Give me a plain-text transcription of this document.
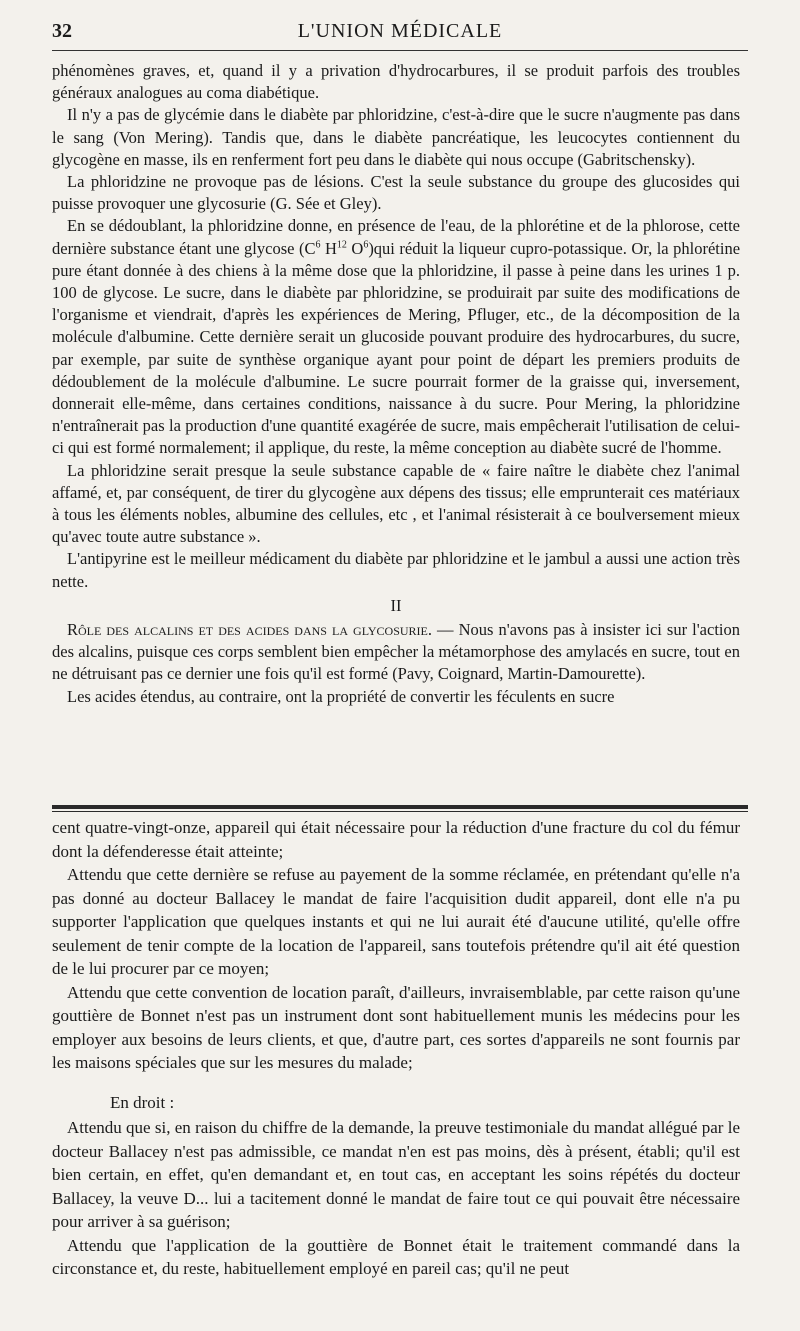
32	L'UNION MÉDICALE

phénomènes graves, et, quand il y a privation d'hydrocarbures, il se produit parfois des troubles généraux analogues au coma diabétique.

Il n'y a pas de glycémie dans le diabète par phloridzine, c'est-à-dire que le sucre n'augmente pas dans le sang (Von Mering). Tandis que, dans le diabète pancréatique, les leucocytes contiennent du glycogène en masse, ils en renferment fort peu dans le diabète qui nous occupe (Gabritschensky).

La phloridzine ne provoque pas de lésions. C'est la seule substance du groupe des glucosides qui puisse provoquer une glycosurie (G. Sée et Gley).

En se dédoublant, la phloridzine donne, en présence de l'eau, de la phlorétine et de la phlorose, cette dernière substance étant une glycose ($C^6$ $H^{12}$ $O^6)qui$ réduit la liqueur cupro-potassique. Or, la phlorétine pure étant donnée à des chiens à la même dose que la phloridzine, il passe à peine dans les urines 1 p. 100 de glycose. Le sucre, dans le diabète par phloridzine, se produirait par suite des modifications de l'organisme et viendrait, d'après les expériences de Mering, Pfluger, etc., de la décomposition de la molécule d'albumine. Cette dernière serait un glucoside pouvant produire des hydrocarbures, du sucre, par exemple, par suite de synthèse organique ayant pour point de départ les premiers produits de dédoublement de la molécule d'albumine. Le sucre pourrait former de la graisse qui, inversement, donnerait elle-même, dans certaines conditions, naissance à du sucre. Pour Mering, la phloridzine n'entraînerait pas la production d'une quantité exagérée de sucre, mais empêcherait l'utilisation de celui-ci qui est formé normalement; il applique, du reste, la même conception au diabète sucré de l'homme.

La phloridzine serait presque la seule substance capable de « faire naître le diabète chez l'animal affamé, et, par conséquent, de tirer du glycogène aux dépens des tissus; elle emprunterait ces matériaux à tous les éléments nobles, albumine des cellules, etc , et l'animal résisterait à ce boulversement mieux qu'avec toute autre substance ».

L'antipyrine est le meilleur médicament du diabète par phloridzine et le jambul a aussi une action très nette.

II

Rôle des alcalins et des acides dans la glycosurie. — Nous n'avons pas à insister ici sur l'action des alcalins, puisque ces corps semblent bien empêcher la métamorphose des amylacés en sucre, tout en ne détruisant pas ce dernier une fois qu'il est formé (Pavy, Coignard, Martin-Damourette).

Les acides étendus, au contraire, ont la propriété de convertir les féculents en sucre

cent quatre-vingt-onze, appareil qui était nécessaire pour la réduction d'une fracture du col du fémur dont la défenderesse était atteinte;

Attendu que cette dernière se refuse au payement de la somme réclamée, en prétendant qu'elle n'a pas donné au docteur Ballacey le mandat de faire l'acquisition dudit appareil, dont elle n'a pu supporter l'application que quelques instants et qui ne lui aurait été d'aucune utilité, qu'elle offre seulement de tenir compte de la location de l'appareil, sans toutefois prétendre qu'il ait été question de le lui procurer par ce moyen;

Attendu que cette convention de location paraît, d'ailleurs, invraisemblable, par cette raison qu'une gouttière de Bonnet n'est pas un instrument dont sont habituellement munis les médecins pour les employer aux besoins de leurs clients, et que, d'autre part, ces sortes d'appareils ne sont fournis par les maisons spéciales que sur les mesures du malade;

En droit :

Attendu que si, en raison du chiffre de la demande, la preuve testimoniale du mandat allégué par le docteur Ballacey n'est pas admissible, ce mandat n'en est pas moins, dès à présent, établi; qu'il est bien certain, en effet, qu'en demandant et, en tout cas, en acceptant les soins répétés du docteur Ballacey, la veuve D... lui a tacitement donné le mandat de faire tout ce qui pouvait être nécessaire pour arriver à sa guérison;

Attendu que l'application de la gouttière de Bonnet était le traitement commandé dans la circonstance et, du reste, habituellement employé en pareil cas; qu'il ne peut
